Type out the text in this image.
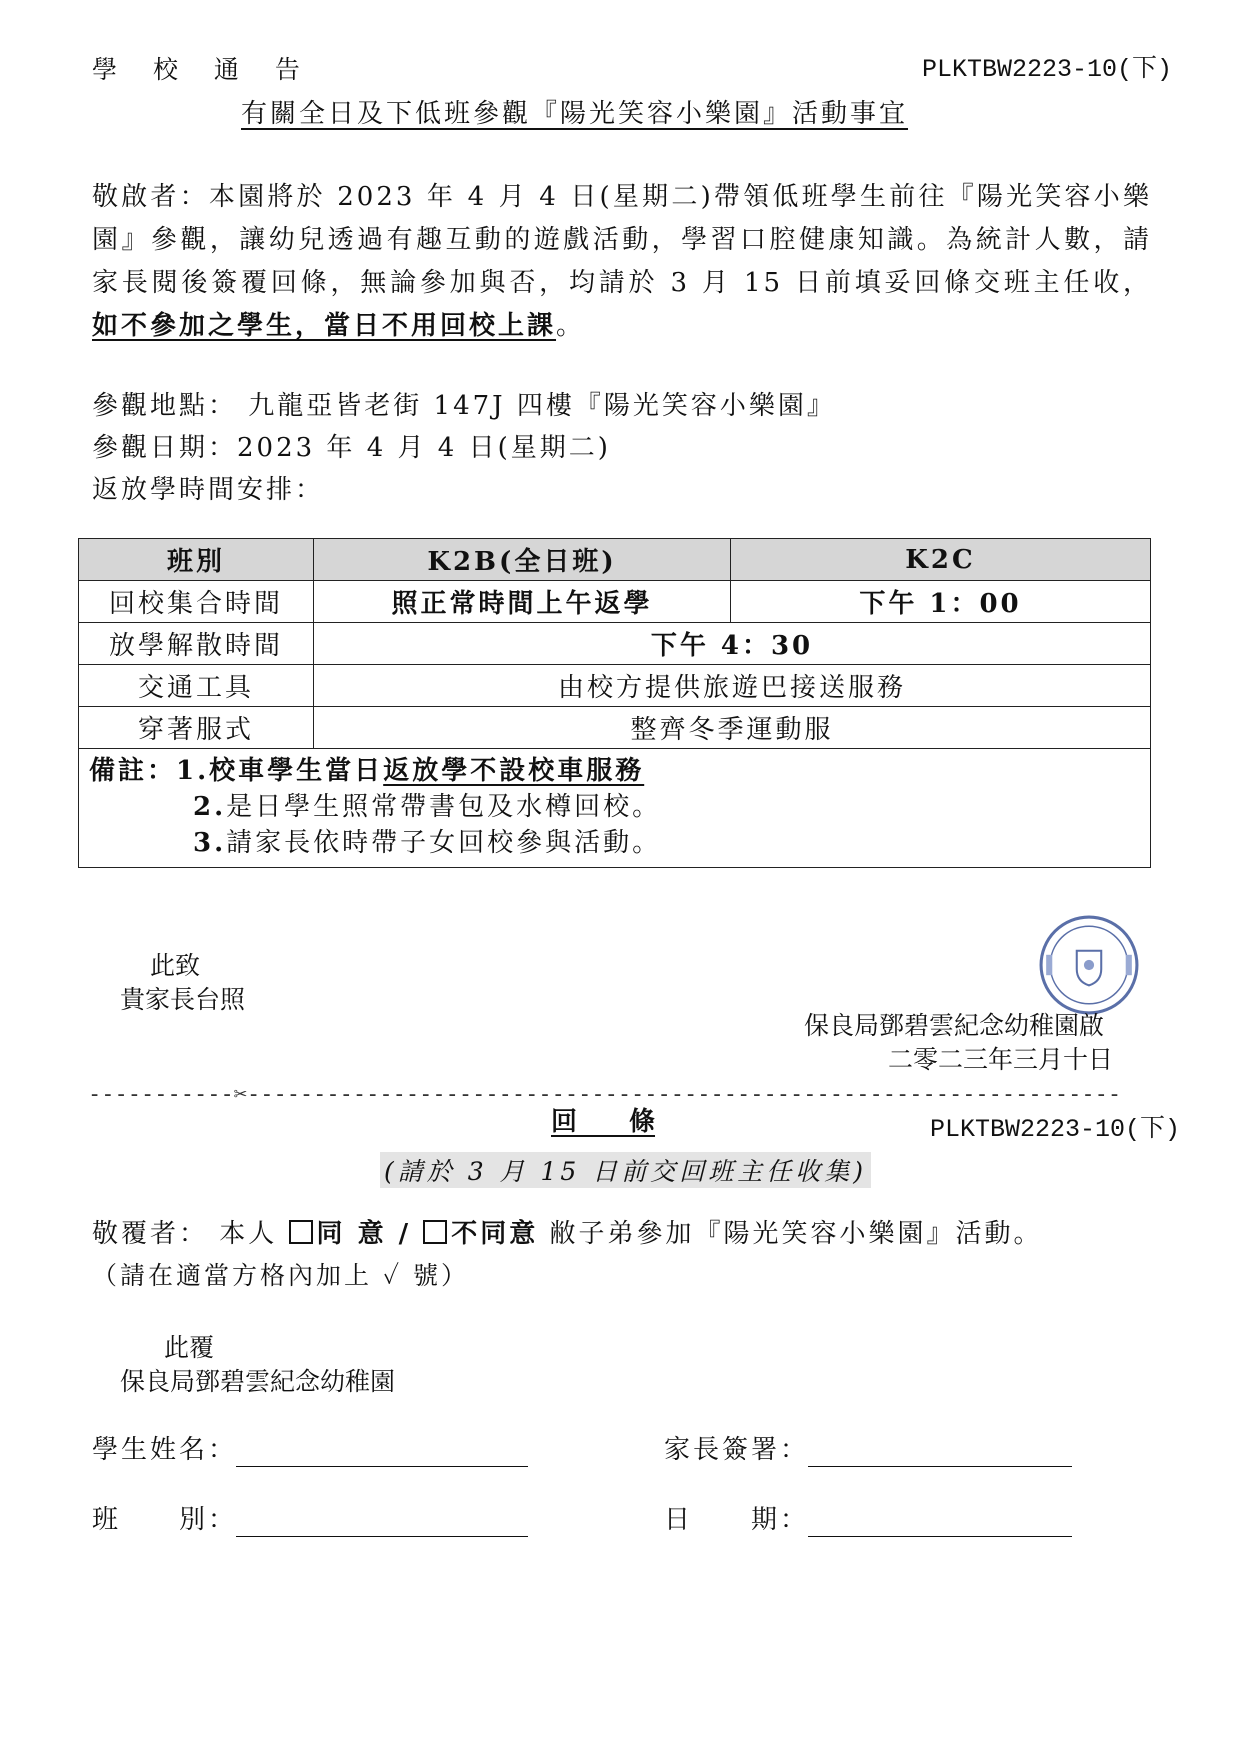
學 校 通 告	PLKTBW2223-10(下)
有關全日及下低班參觀『陽光笑容小樂園』活動事宜
敬啟者：本園將於 2023 年 4 月 4 日(星期二)帶領低班學生前往『陽光笑容小樂園』參觀，讓幼兒透過有趣互動的遊戲活動，學習口腔健康知識。為統計人數，請家長閱後簽覆回條，無論參加與否，均請於 3 月 15 日前填妥回條交班主任收，如不參加之學生，當日不用回校上課。
參觀地點： 九龍亞皆老街 147J 四樓『陽光笑容小樂園』
參觀日期：2023 年 4 月 4 日(星期二)
返放學時間安排：
班別	K2B(全日班)	K2C
回校集合時間	照正常時間上午返學	下午 1：00
放學解散時間	下午 4：30	
交通工具	由校方提供旅遊巴接送服務	
穿著服式	整齊冬季運動服	

備註：1.校車學生當日返放學不設校車服務
2.是日學生照常帶書包及水樽回校。
3.請家長依時帶子女回校參與活動。		
此致
貴家長台照
保良局鄧碧雲紀念幼稚園啟
二零二三年三月十日
-----------✂------------------------------------------------------------------
回　　條	PLKTBW2223-10(下)
(請於 3 月 15 日前交回班主任收集)
敬覆者： 本人 同 意 / 不同意 敝子弟參加『陽光笑容小樂園』活動。
（請在適當方格內加上 ✓ 號）
此覆
保良局鄧碧雲紀念幼稚園
學生姓名：	家長簽署：
班　　別：	日　　期：
